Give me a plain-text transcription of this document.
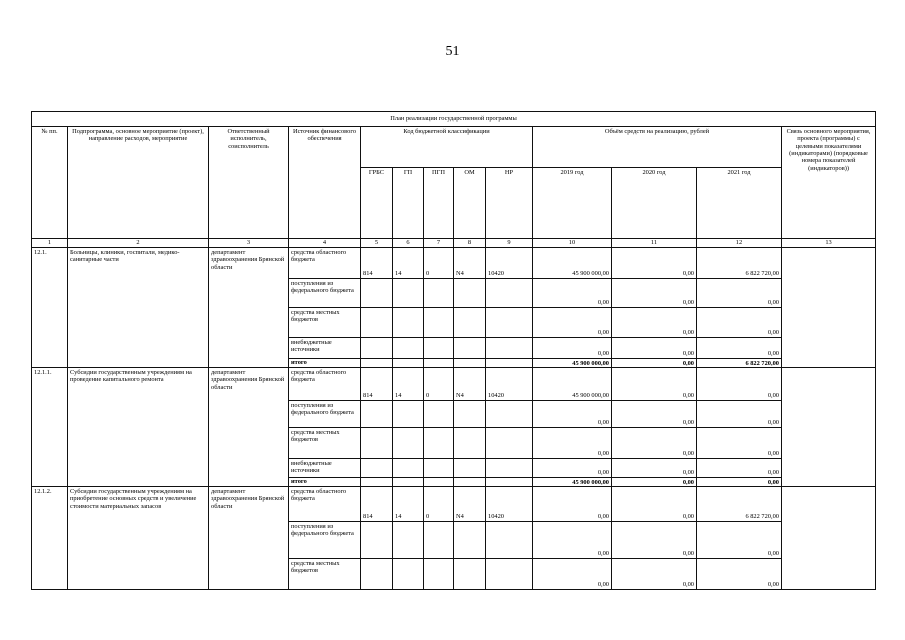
51
План реализации государственной программы												
№ пп.	Подпрограмма, основное мероприятие (проект), направление расходов, мероприятие	Ответственный исполнитель, соисполнитель	Источник финансового обеспечения	Код бюджетной классификации					Объём средств на реализацию, рублей			Связь основного мероприятия, проекта (программы) с целевыми показателями (индикаторами) (порядковые номера показателей (индикаторов))
				ГРБС	ГП	ПГП	ОМ	НР	2019 год	2020 год	2021 год	
1	2	3	4	5	6	7	8	9	10	11	12	13
12.1.	Больницы, клиники, госпитали, медико-санитарные части	департамент здравоохранения Брянской области	средства областного бюджета	814	14	0	N4	10420	45 900 000,00	0,00	6 822 720,00	
			поступления из федерального бюджета						0,00	0,00	0,00	
			средства местных бюджетов						0,00	0,00	0,00	
			внебюджетные источники						0,00	0,00	0,00	
			итого						45 900 000,00	0,00	6 822 720,00	
12.1.1.	Субсидии государственным учреждениям на проведение капитального ремонта	департамент здравоохранения Брянской области	средства областного бюджета	814	14	0	N4	10420	45 900 000,00	0,00	0,00	
			поступления из федерального бюджета						0,00	0,00	0,00	
			средства местных бюджетов						0,00	0,00	0,00	
			внебюджетные источники						0,00	0,00	0,00	
			итого						45 900 000,00	0,00	0,00	
12.1.2.	Субсидии государственным учреждениям на приобретение основных средств и увеличение стоимости материальных запасов	департамент здравоохранения Брянской области	средства областного бюджета	814	14	0	N4	10420	0,00	0,00	6 822 720,00	
			поступления из федерального бюджета						0,00	0,00	0,00	
			средства местных бюджетов						0,00	0,00	0,00	
